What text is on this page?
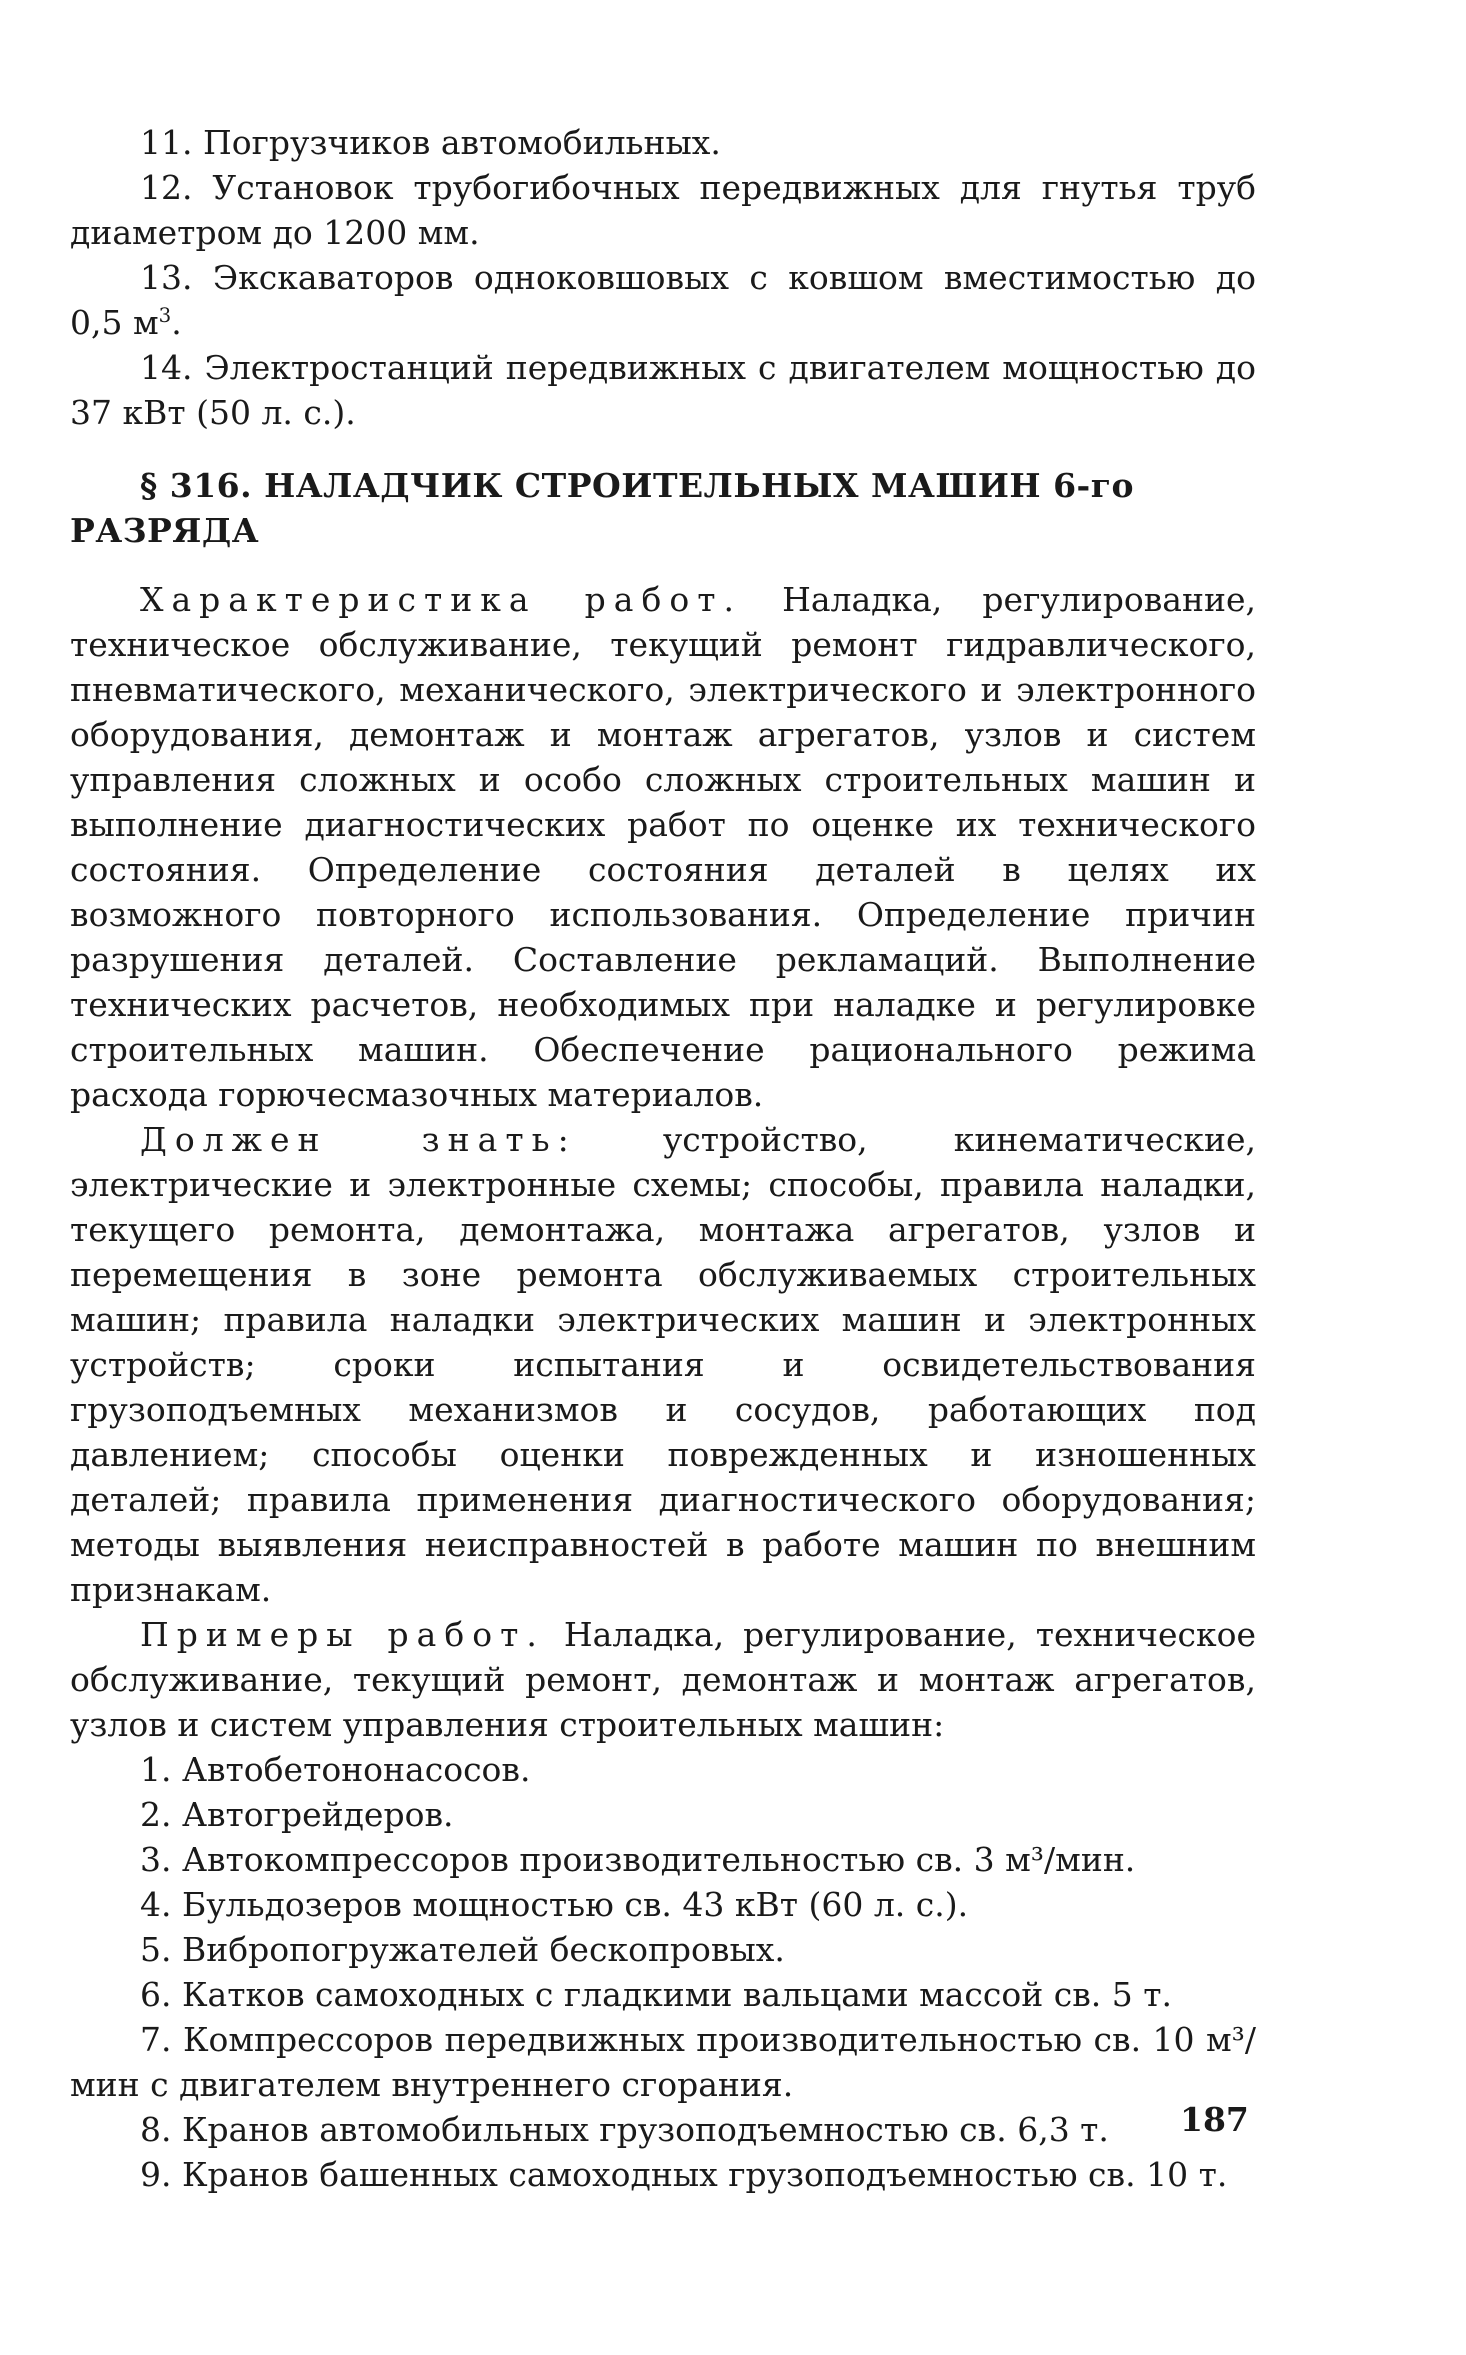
11. Погрузчиков автомобильных.

12. Установок трубогибочных передвижных для гнутья труб диаметром до 1200 мм.

13. Экскаваторов одноковшовых с ковшом вместимостью до 0,5 $м^3$.

14. Электростанций передвижных с двигателем мощностью до 37 кВт (50 л. с.).

§ 316. НАЛАДЧИК СТРОИТЕЛЬНЫХ МАШИН 6-го РАЗРЯДА

Характеристика работ. Наладка, регулирование, техническое обслуживание, текущий ремонт гидравлического, пневматического, механического, электрического и электронного оборудования, демонтаж и монтаж агрегатов, узлов и систем управления сложных и особо сложных строительных машин и выполнение диагностических работ по оценке их технического состояния. Определение состояния деталей в целях их возможного повторного использования. Определение причин разрушения деталей. Составление рекламаций. Выполнение технических расчетов, необходимых при наладке и регулировке строительных машин. Обеспечение рационального режима расхода горючесмазочных материалов.

Должен знать: устройство, кинематические, электрические и электронные схемы; способы, правила наладки, текущего ремонта, демонтажа, монтажа агрегатов, узлов и перемещения в зоне ремонта обслуживаемых строительных машин; правила наладки электрических машин и электронных устройств; сроки испытания и освидетельствования грузоподъемных механизмов и сосудов, работающих под давлением; способы оценки поврежденных и изношенных деталей; правила применения диагностического оборудования; методы выявления неисправностей в работе машин по внешним признакам.

Примеры работ. Наладка, регулирование, техническое обслуживание, текущий ремонт, демонтаж и монтаж агрегатов, узлов и систем управления строительных машин:

1. Автобетононасосов.

2. Автогрейдеров.

3. Автокомпрессоров производительностью св. 3 м³/мин.

4. Бульдозеров мощностью св. 43 кВт (60 л. с.).

5. Вибропогружателей бескопровых.

6. Катков самоходных с гладкими вальцами массой св. 5 т.

7. Компрессоров передвижных производительностью св. 10 м³/мин с двигателем внутреннего сгорания.

8. Кранов автомобильных грузоподъемностью св. 6,3 т.

9. Кранов башенных самоходных грузоподъемностью св. 10 т.

187
